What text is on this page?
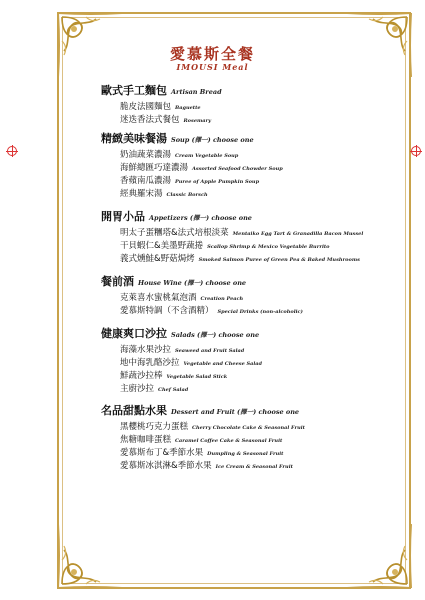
愛慕斯全餐
IMOUSI Meal
歐式手工麵包 Artisan Bread
脆皮法國麵包 Baguette
迷迭香法式餐包 Rosemary
精緻美味餐湯 Soup (擇一) choose one
奶油蔬菜濃湯 Cream Vegetable Soup
海鮮總匯巧達濃湯 Assorted Seafood Chowder Soup
香蘋南瓜濃湯 Puree of Apple Pumpkin Soup
經典羅宋湯 Classic Borsch
開胃小品 Appetizers (擇一) choose one
明太子蛋糰塔&法式培根淡菜 Mentaiko Egg Tart & Granadilla Bacon Mussel
干貝蝦仁&美墨野蔬捲 Scallop Shrimp & Mexico Vegetable Burrito
義式燻鮭&野菇焗烤 Smoked Salmon Puree of Green Pea & Baked Mushrooms
餐前酒 House Wine (擇一) choose one
克萊喜水蜜桃氣泡酒 Creation Peach
愛慕斯特調（不含酒精） Special Drinks (non-alcoholic)
健康爽口沙拉 Salads (擇一) choose one
海藻水果沙拉 Seaweed and Fruit Salad
地中海乳酪沙拉 Vegetable and Cheese Salad
鮮蔬沙拉棒 Vegetable Salad Stick
主廚沙拉 Chef Salad
名品甜點水果 Dessert and Fruit (擇一) choose one
黑櫻桃巧克力蛋糕 Cherry Chocolate Cake & Seasonal Fruit
焦糖咖啡蛋糕 Caramel Coffee Cake & Seasonal Fruit
愛慕斯布丁&季節水果 Dumpling & Seasonal Fruit
愛慕斯冰淇淋&季節水果 Ice Cream & Seasonal Fruit
